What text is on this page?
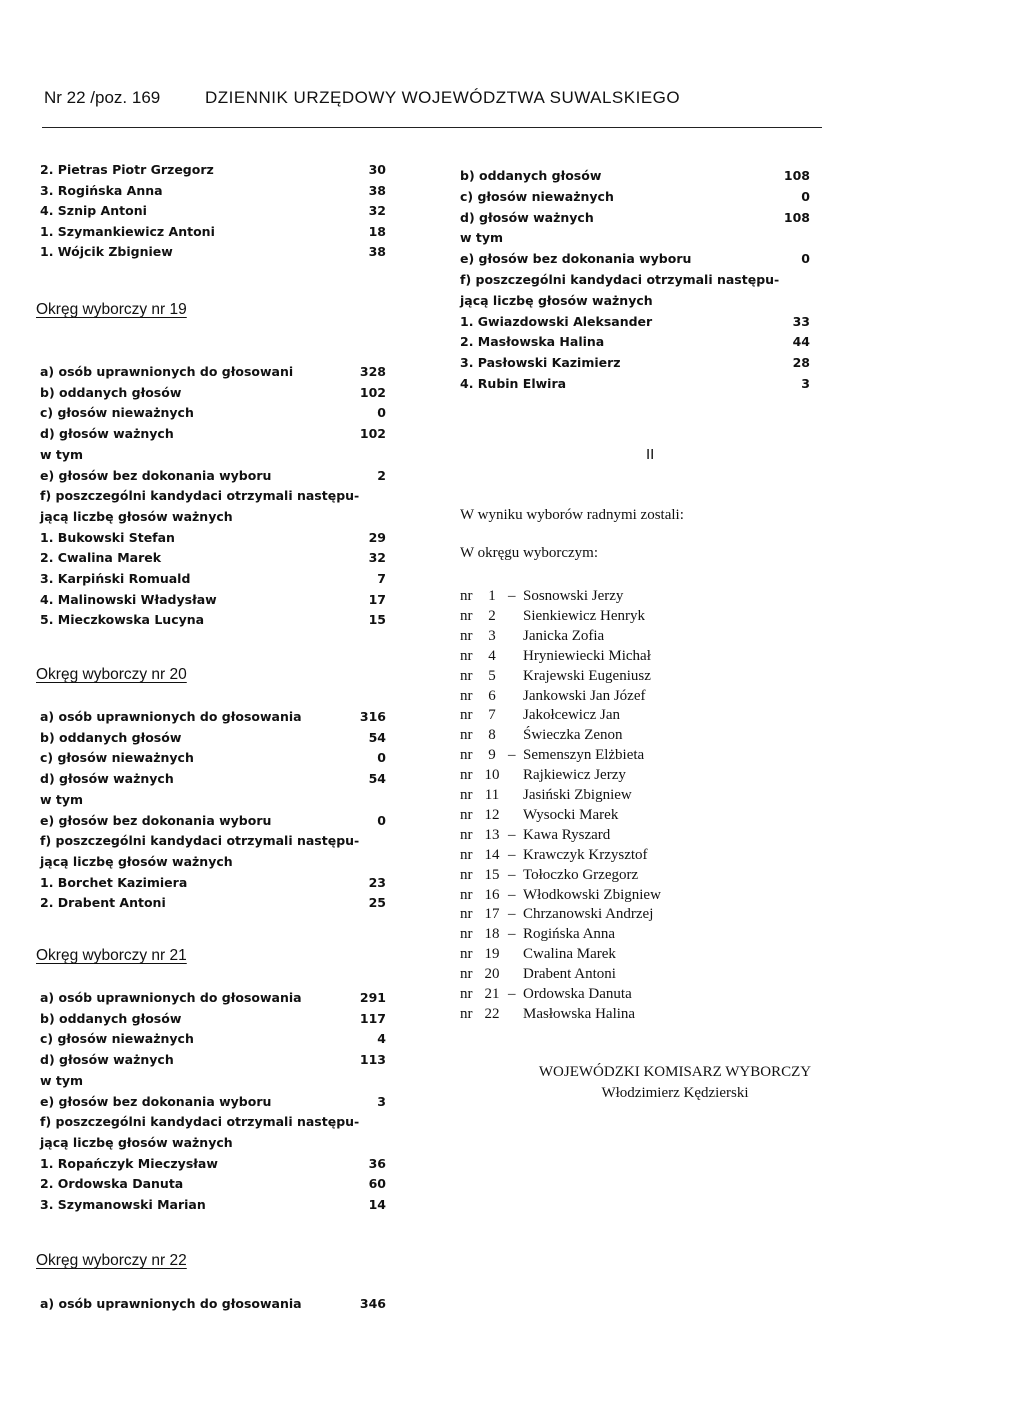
Nr 22 /poz. 169	DZIENNIK URZĘDOWY WOJEWÓDZTWA SUWALSKIEGO
2. Pietras Piotr Grzegorz	30
3. Rogińska Anna	38
4. Sznip Antoni	32
1. Szymankiewicz Antoni	18
1. Wójcik Zbigniew	38
Okręg wyborczy nr 19
a) osób uprawnionych do głosowani	328
b) oddanych głosów	102
c) głosów nieważnych	0
d) głosów ważnych	102
w tym
e) głosów bez dokonania wyboru	2
f) poszczególni kandydaci otrzymali następu-
jącą liczbę głosów ważnych
1. Bukowski Stefan	29
2. Cwalina Marek	32
3. Karpiński Romuald	7
4. Malinowski Władysław	17
5. Mieczkowska Lucyna	15
Okręg wyborczy nr 20
a) osób uprawnionych do głosowania	316
b) oddanych głosów	54
c) głosów nieważnych	0
d) głosów ważnych	54
w tym
e) głosów bez dokonania wyboru	0
f) poszczególni kandydaci otrzymali następu-
jącą liczbę głosów ważnych
1. Borchet Kazimiera	23
2. Drabent Antoni	25
Okręg wyborczy nr 21
a) osób uprawnionych do głosowania	291
b) oddanych głosów	117
c) głosów nieważnych	4
d) głosów ważnych	113
w tym
e) głosów bez dokonania wyboru	3
f) poszczególni kandydaci otrzymali następu-
jącą liczbę głosów ważnych
1. Ropańczyk Mieczysław	36
2. Ordowska Danuta	60
3. Szymanowski Marian	14
Okręg wyborczy nr 22
a) osób uprawnionych do głosowania	346
b) oddanych głosów	108
c) głosów nieważnych	0
d) głosów ważnych	108
w tym
e) głosów bez dokonania wyboru	0
f) poszczególni kandydaci otrzymali następu-
jącą liczbę głosów ważnych
1. Gwiazdowski Aleksander	33
2. Masłowska Halina	44
3. Pasłowski Kazimierz	28
4. Rubin Elwira	3
II
W wyniku wyborów radnymi zostali:
W okręgu wyborczym:
nr	1 – Sosnowski Jerzy
nr	2	Sienkiewicz Henryk
nr	3	Janicka Zofia
nr	4	Hryniewiecki Michał
nr	5	Krajewski Eugeniusz
nr	6	Jankowski Jan Józef
nr	7	Jakołcewicz Jan
nr	8	Świeczka Zenon
nr	9 – Semenszyn Elżbieta
nr 10 Rajkiewicz Jerzy
nr 11 Jasiński Zbigniew
nr 12 Wysocki Marek
nr 13 – Kawa Ryszard
nr 14 – Krawczyk Krzysztof
nr 15 – Tołoczko Grzegorz
nr 16 – Włodkowski Zbigniew
nr 17 – Chrzanowski Andrzej
nr 18 – Rogińska Anna
nr 19 Cwalina Marek
nr 20 Drabent Antoni
nr 21 – Ordowska Danuta
nr 22 Masłowska Halina
WOJEWÓDZKI KOMISARZ WYBORCZY
Włodzimierz Kędzierski
